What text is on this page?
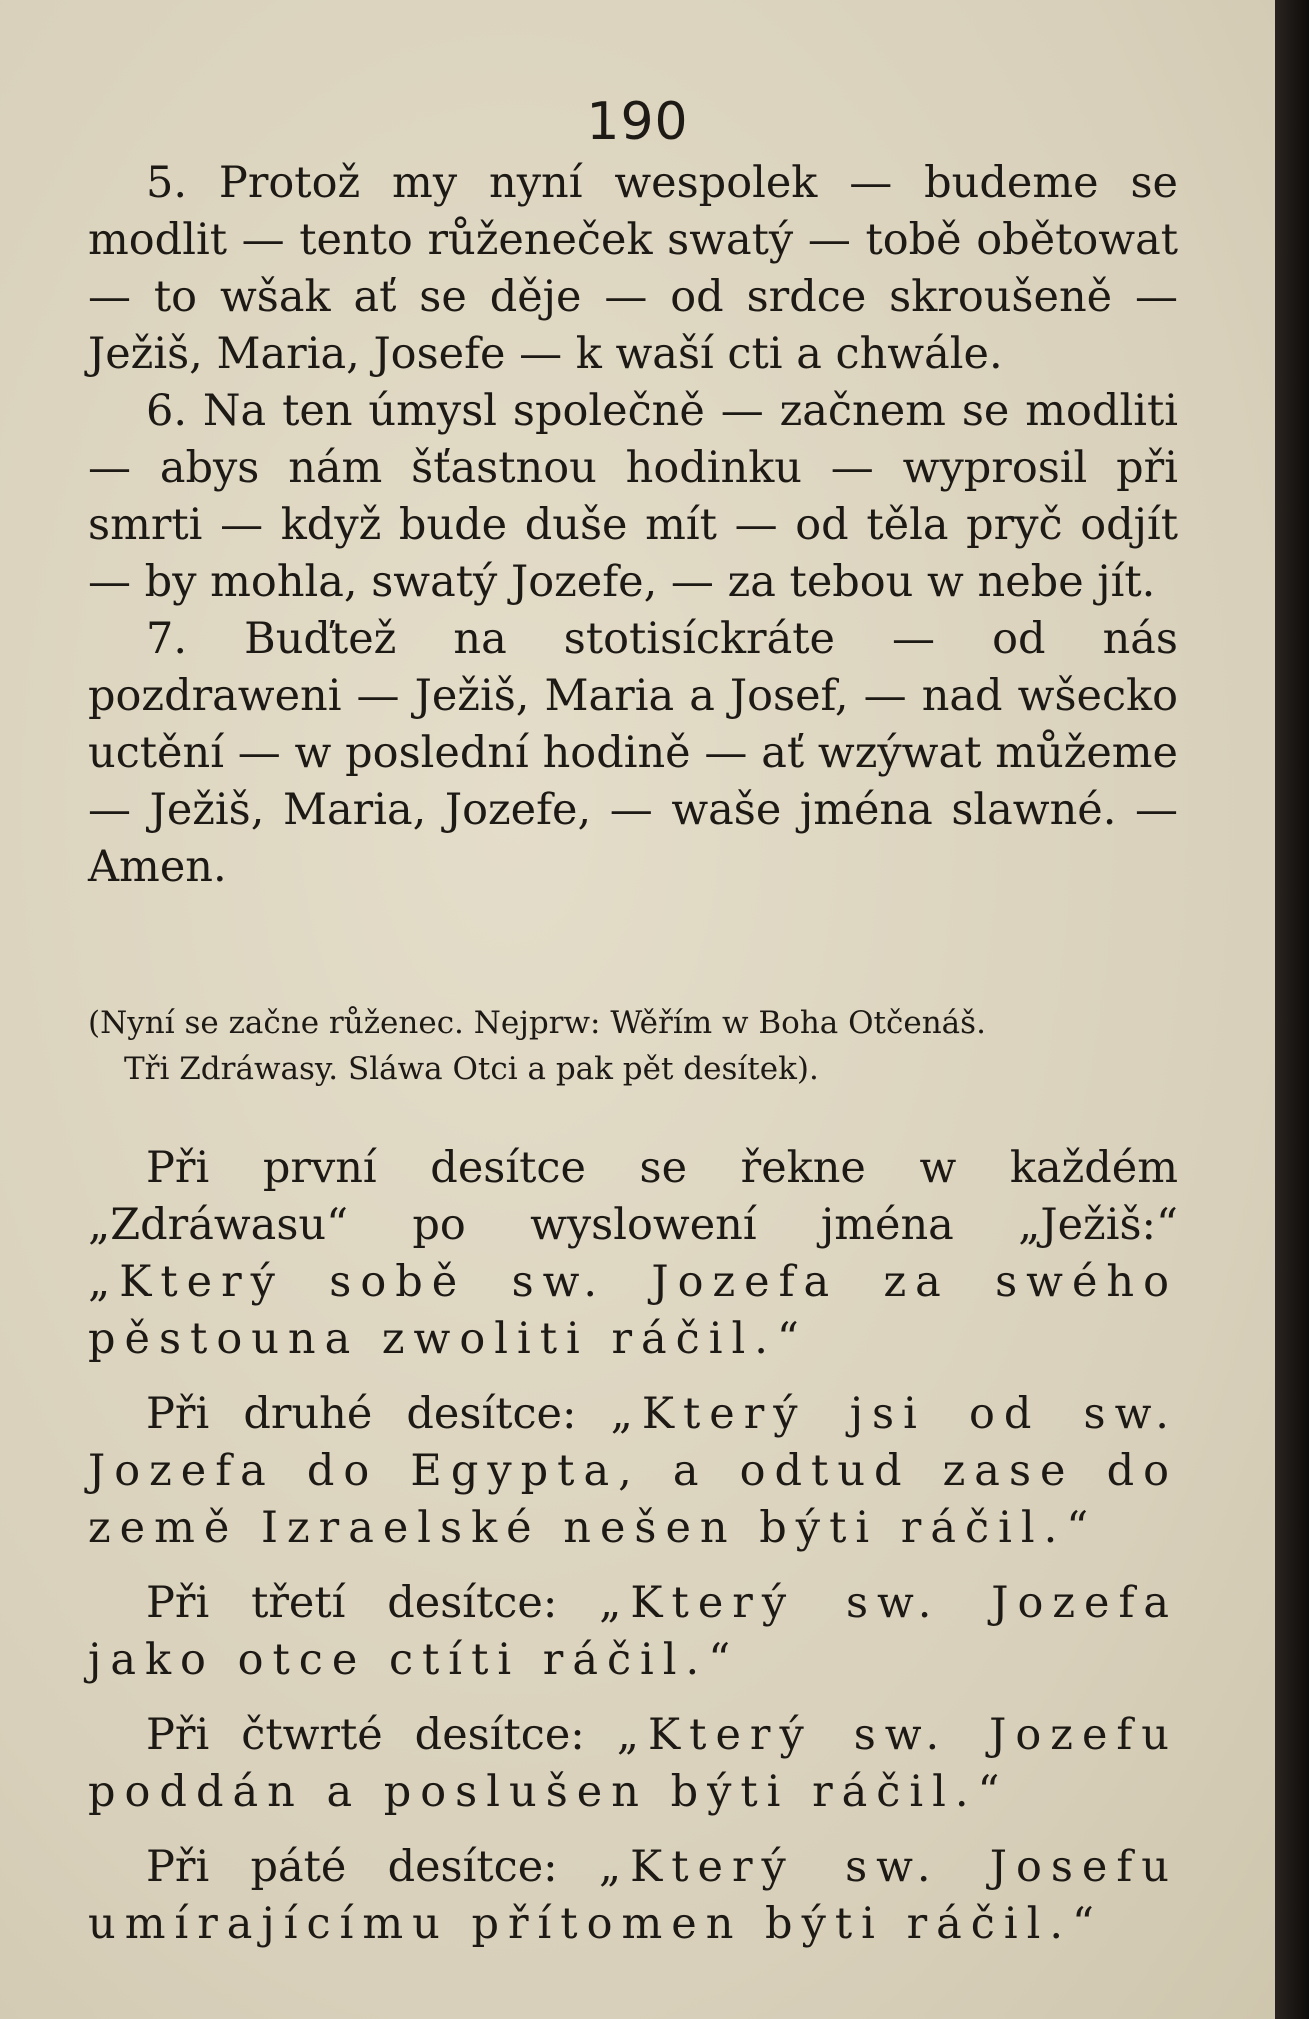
190

5. Protož my nyní wespolek — budeme se modlit — tento růženeček swatý — tobě obětowat — to wšak ať se děje — od srdce skroušeně — Ježiš, Maria, Josefe — k waší cti a chwále.

6. Na ten úmysl společně — začnem se modliti — abys nám šťastnou hodinku — wyprosil při smrti — když bude duše mít — od těla pryč odjít — by mohla, swatý Jozefe, — za tebou w nebe jít.

7. Buďtež na stotisíckráte — od nás pozdraweni — Ježiš, Maria a Josef, — nad wšecko uctění — w poslední hodině — ať wzýwat můžeme — Ježiš, Maria, Jozefe, — waše jména slawné. — Amen.

(Nyní se začne růženec. Nejprw: Wěřím w Boha Otčenáš.
Tři Zdráwasy. Sláwa Otci a pak pět desítek).

Při první desítce se řekne w každém „Zdráwasu“ po wyslowení jména „Ježiš:“ „Který sobě sw. Jozefa za swého pěstouna zwoliti ráčil.“

Při druhé desítce: „Který jsi od sw. Jozefa do Egypta, a odtud zase do země Izraelské nešen býti ráčil.“

Při třetí desítce: „Který sw. Jozefa jako otce ctíti ráčil.“

Při čtwrté desítce: „Který sw. Jozefu poddán a poslušen býti ráčil.“

Při páté desítce: „Který sw. Josefu umírajícímu přítomen býti ráčil.“
